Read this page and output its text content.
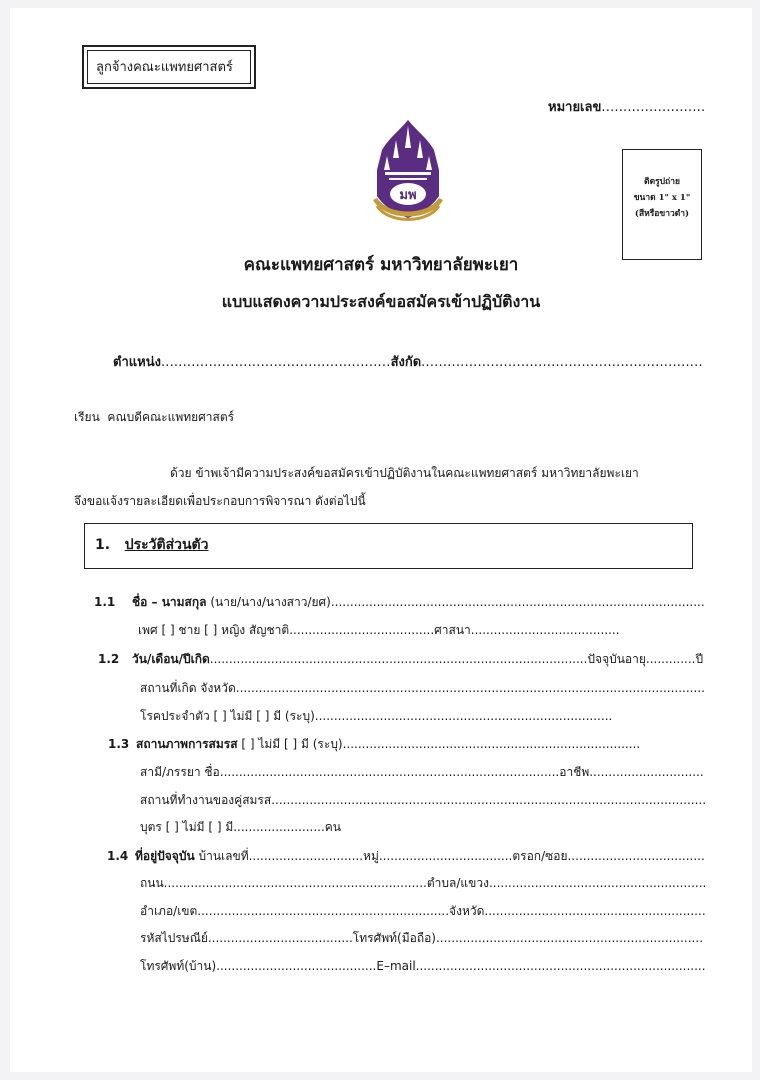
ลูกจ้างคณะแพทยศาสตร์
หมายเลข........................
มพ
ติดรูปถ่าย
ขนาด 1" x 1"
(สีหรือขาวดำ)
คณะแพทยศาสตร์ มหาวิทยาลัยพะเยา
แบบแสดงความประสงค์ขอสมัครเข้าปฏิบัติงาน
ตำแหน่ง.....................................................สังกัด.................................................................
เรียน คณบดีคณะแพทยศาสตร์
ด้วย ข้าพเจ้ามีความประสงค์ขอสมัครเข้าปฏิบัติงานในคณะแพทยศาสตร์ มหาวิทยาลัยพะเยา
จึงขอแจ้งรายละเอียดเพื่อประกอบการพิจารณา ดังต่อไปนี้
1. ประวัติส่วนตัว
1.1 ชื่อ – นามสกุล (นาย/นาง/นางสาว/ยศ)..................................................................................................
เพศ [ ] ชาย [ ] หญิง สัญชาติ......................................ศาสนา.......................................
1.2 วัน/เดือน/ปีเกิด...................................................................................................ปัจจุบันอายุ.............ปี
สถานที่เกิด จังหวัด...........................................................................................................................
โรคประจำตัว [ ] ไม่มี [ ] มี (ระบุ)..............................................................................
1.3 สถานภาพการสมรส [ ] ไม่มี [ ] มี (ระบุ)..............................................................................
สามี/ภรรยา ชื่อ.........................................................................................อาชีพ..............................
สถานที่ทำงานของคู่สมรส..................................................................................................................
บุตร [ ] ไม่มี [ ] มี........................คน
1.4 ที่อยู่ปัจจุบัน บ้านเลขที่..............................หมู่...................................ตรอก/ซอย....................................
ถนน.....................................................................ตำบล/แขวง.........................................................
อำเภอ/เขต..................................................................จังหวัด..........................................................
รหัสไปรษณีย์......................................โทรศัพท์(มือถือ)......................................................................
โทรศัพท์(บ้าน)..........................................E–mail............................................................................
